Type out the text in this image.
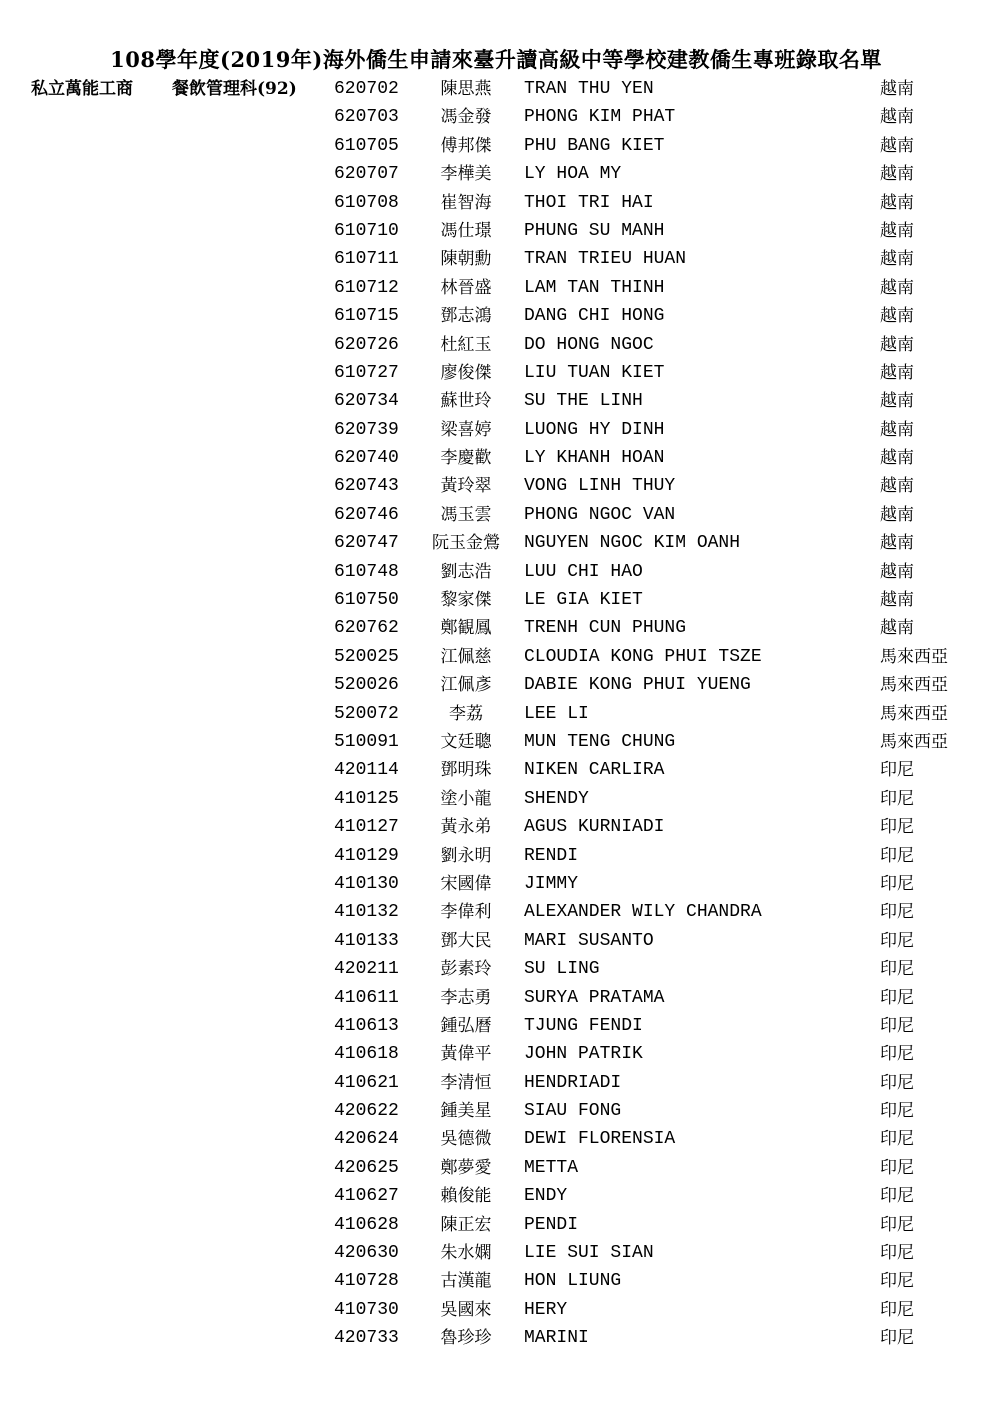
108學年度(2019年)海外僑生申請來臺升讀高級中等學校建教僑生專班錄取名單
私立萬能工商 餐飲管理科(92) 620702	陳思燕	TRAN THU YEN	越南
620703	馮金發	PHONG KIM PHAT	越南
610705	傅邦傑	PHU BANG KIET	越南
620707	李樺美	LY HOA MY	越南
610708	崔智海	THOI TRI HAI	越南
610710	馮仕璟	PHUNG SU MANH	越南
610711	陳朝勳	TRAN TRIEU HUAN	越南
610712	林晉盛	LAM TAN THINH	越南
610715	鄧志鴻	DANG CHI HONG	越南
620726	杜紅玉	DO HONG NGOC	越南
610727	廖俊傑	LIU TUAN KIET	越南
620734	蘇世玲	SU THE LINH	越南
620739	梁喜婷	LUONG HY DINH	越南
620740	李慶歡	LY KHANH HOAN	越南
620743	黃玲翠	VONG LINH THUY	越南
620746	馮玉雲	PHONG NGOC VAN	越南
620747	阮玉金鶯	NGUYEN NGOC KIM OANH	越南
610748	劉志浩	LUU CHI HAO	越南
610750	黎家傑	LE GIA KIET	越南
620762	鄭観鳳	TRENH CUN PHUNG	越南
520025	江佩慈	CLOUDIA KONG PHUI TSZE	馬來西亞
520026	江佩彥	DABIE KONG PHUI YUENG	馬來西亞
520072	李荔	LEE LI	馬來西亞
510091	文廷聰	MUN TENG CHUNG	馬來西亞
420114	鄧明珠	NIKEN CARLIRA	印尼
410125	塗小龍	SHENDY	印尼
410127	黃永弟	AGUS KURNIADI	印尼
410129	劉永明	RENDI	印尼
410130	宋國偉	JIMMY	印尼
410132	李偉利	ALEXANDER WILY CHANDRA	印尼
410133	鄧大民	MARI SUSANTO	印尼
420211	彭素玲	SU LING	印尼
410611	李志勇	SURYA PRATAMA	印尼
410613	鍾弘曆	TJUNG FENDI	印尼
410618	黃偉平	JOHN PATRIK	印尼
410621	李清恒	HENDRIADI	印尼
420622	鍾美星	SIAU FONG	印尼
420624	吳德微	DEWI FLORENSIA	印尼
420625	鄭夢愛	METTA	印尼
410627	賴俊能	ENDY	印尼
410628	陳正宏	PENDI	印尼
420630	朱水嫻	LIE SUI SIAN	印尼
410728	古漢龍	HON LIUNG	印尼
410730	吳國來	HERY	印尼
420733	魯珍珍	MARINI	印尼
